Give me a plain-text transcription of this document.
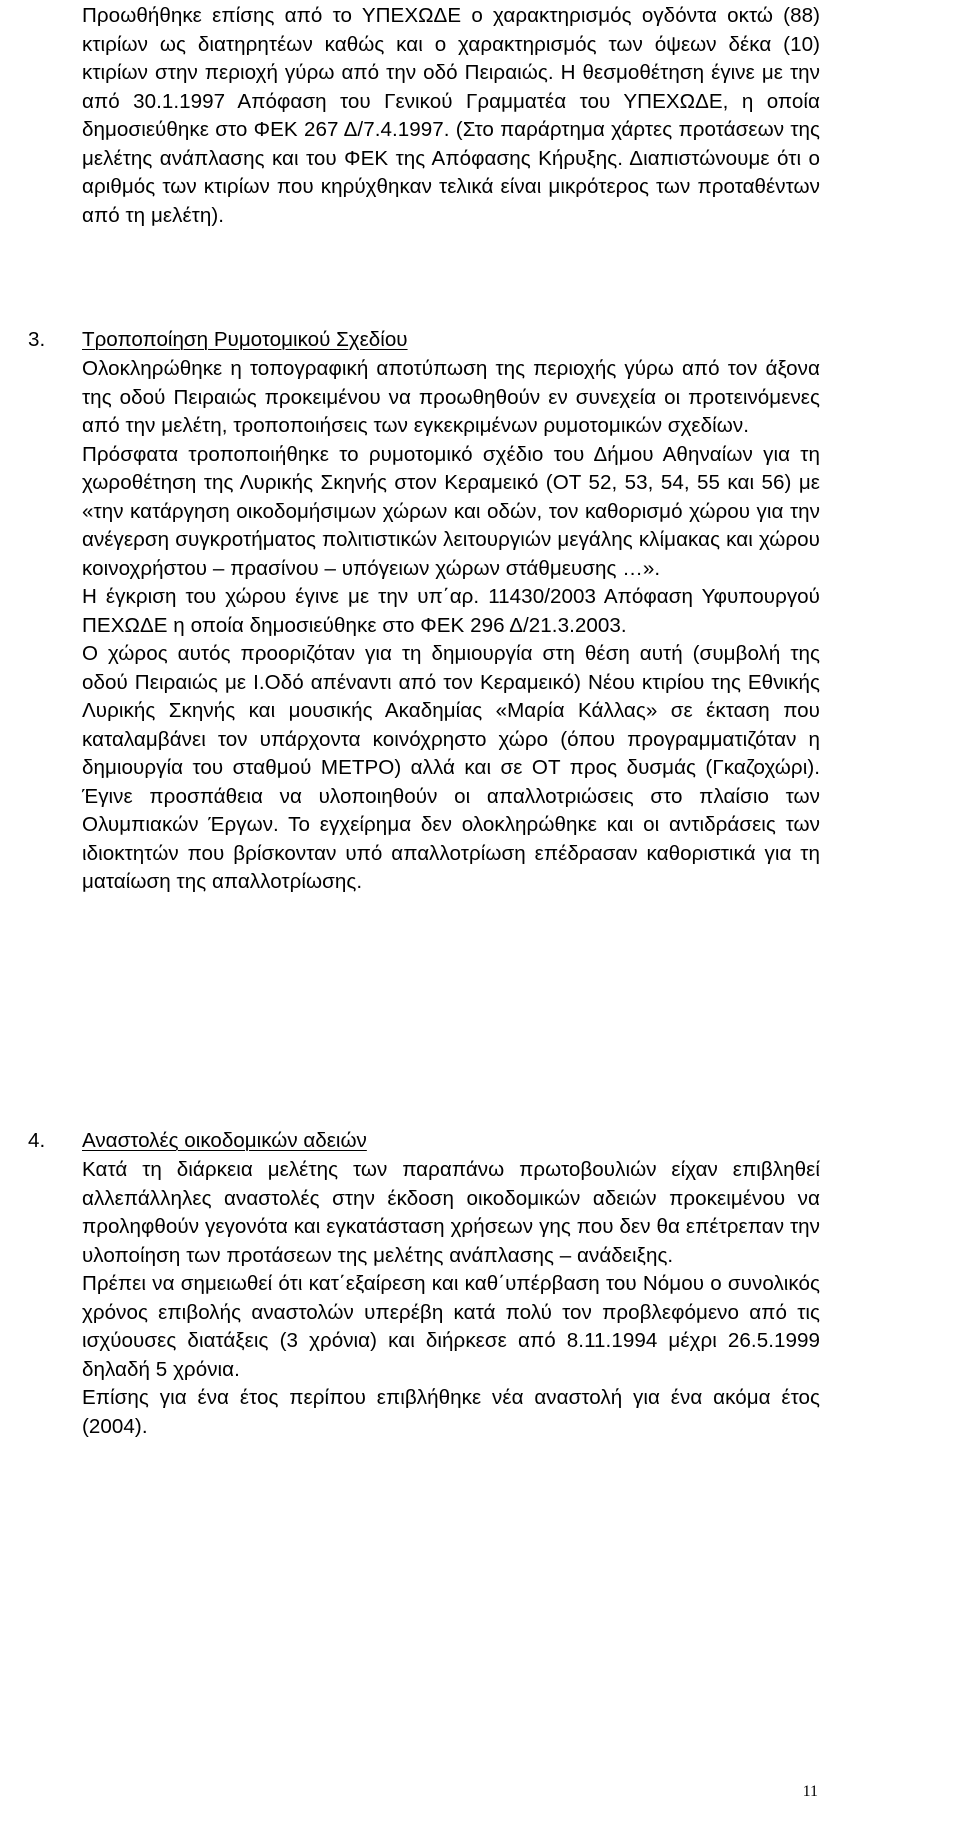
Προωθήθηκε επίσης από το ΥΠΕΧΩΔΕ ο χαρακτηρισμός ογδόντα οκτώ (88) κτιρίων ως διατηρητέων καθώς και ο χαρακτηρισμός των όψεων δέκα (10) κτιρίων στην περιοχή γύρω από την οδό Πειραιώς. Η θεσμοθέτηση έγινε με την από 30.1.1997 Απόφαση του Γενικού Γραμματέα του ΥΠΕΧΩΔΕ, η οποία δημοσιεύθηκε στο ΦΕΚ 267 Δ/7.4.1997. (Στο παράρτημα χάρτες προτάσεων της μελέτης ανάπλασης και του ΦΕΚ της Απόφασης Κήρυξης. Διαπιστώνουμε ότι ο αριθμός των κτιρίων που κηρύχθηκαν τελικά είναι μικρότερος των προταθέντων από τη μελέτη).

3. Τροποποίηση Ρυμοτομικού Σχεδίου

Ολοκληρώθηκε η τοπογραφική αποτύπωση της περιοχής γύρω από τον άξονα της οδού Πειραιώς προκειμένου να προωθηθούν εν συνεχεία οι προτεινόμενες από την μελέτη, τροποποιήσεις των εγκεκριμένων ρυμοτομικών σχεδίων.

Πρόσφατα τροποποιήθηκε το ρυμοτομικό σχέδιο του Δήμου Αθηναίων για τη χωροθέτηση της Λυρικής Σκηνής στον Κεραμεικό (ΟΤ 52, 53, 54, 55 και 56) με «την κατάργηση οικοδομήσιμων χώρων και οδών, τον καθορισμό χώρου για την ανέγερση συγκροτήματος πολιτιστικών λειτουργιών μεγάλης κλίμακας και χώρου κοινοχρήστου – πρασίνου – υπόγειων χώρων στάθμευσης …».

Η έγκριση του χώρου έγινε με την υπ΄αρ. 11430/2003 Απόφαση Υφυπουργού ΠΕΧΩΔΕ η οποία δημοσιεύθηκε στο ΦΕΚ 296 Δ/21.3.2003.

Ο χώρος αυτός προοριζόταν για τη δημιουργία στη θέση αυτή (συμβολή της οδού Πειραιώς με Ι.Οδό απέναντι από τον Κεραμεικό) Νέου κτιρίου της Εθνικής Λυρικής Σκηνής και μουσικής Ακαδημίας «Μαρία Κάλλας» σε έκταση που καταλαμβάνει τον υπάρχοντα κοινόχρηστο χώρο (όπου προγραμματιζόταν η δημιουργία του σταθμού ΜΕΤΡΟ) αλλά και σε ΟΤ προς δυσμάς (Γκαζοχώρι). Έγινε προσπάθεια να υλοποιηθούν οι απαλλοτριώσεις στο πλαίσιο των Ολυμπιακών Έργων. Το εγχείρημα δεν ολοκληρώθηκε και οι αντιδράσεις των ιδιοκτητών που βρίσκονταν υπό απαλλοτρίωση επέδρασαν καθοριστικά για τη ματαίωση της απαλλοτρίωσης.

4. Αναστολές οικοδομικών αδειών

Κατά τη διάρκεια μελέτης των παραπάνω πρωτοβουλιών είχαν επιβληθεί αλλεπάλληλες αναστολές στην έκδοση οικοδομικών αδειών προκειμένου να προληφθούν γεγονότα και εγκατάσταση χρήσεων γης που δεν θα επέτρεπαν την υλοποίηση των προτάσεων της μελέτης ανάπλασης – ανάδειξης.

Πρέπει να σημειωθεί ότι κατ΄εξαίρεση και καθ΄υπέρβαση του Νόμου ο συνολικός χρόνος επιβολής αναστολών υπερέβη κατά πολύ τον προβλεφόμενο από τις ισχύουσες διατάξεις (3 χρόνια) και διήρκεσε από 8.11.1994 μέχρι 26.5.1999 δηλαδή 5 χρόνια.

Επίσης για ένα έτος περίπου επιβλήθηκε νέα αναστολή για ένα ακόμα έτος (2004).

11
